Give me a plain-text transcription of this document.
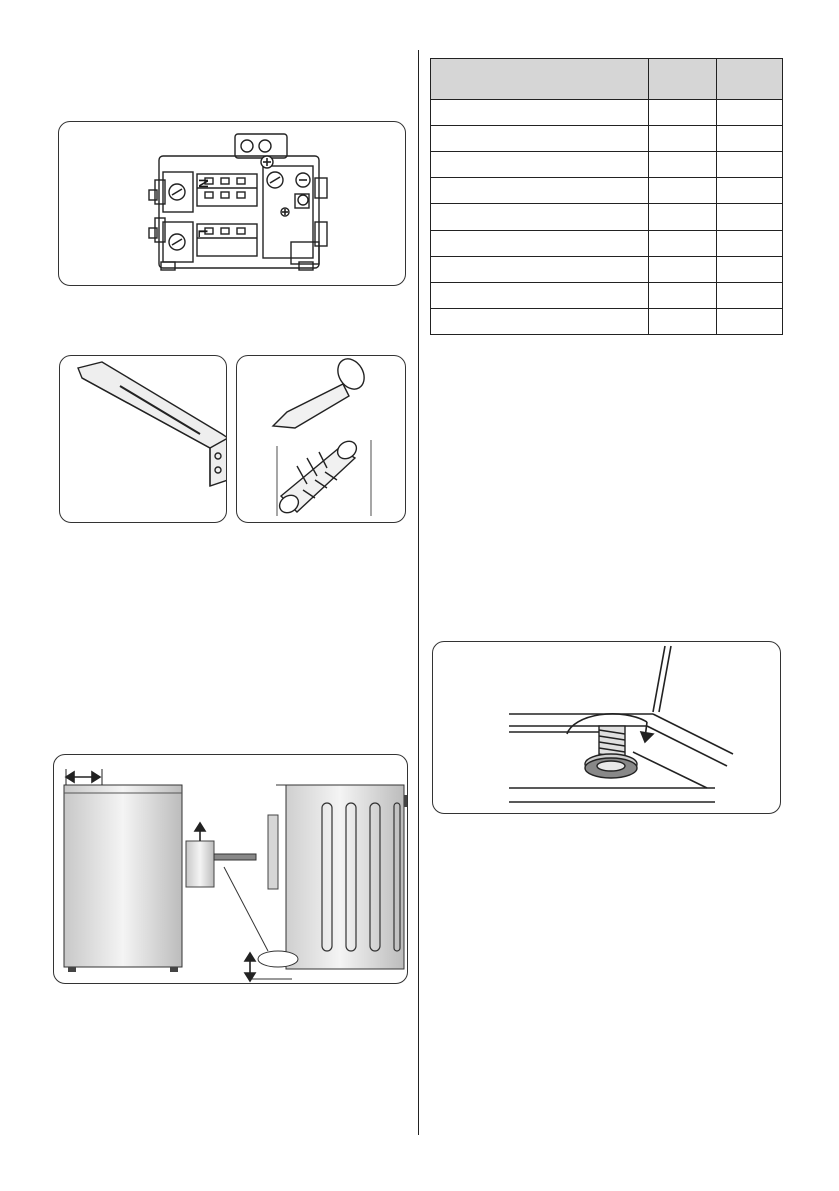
N
L
